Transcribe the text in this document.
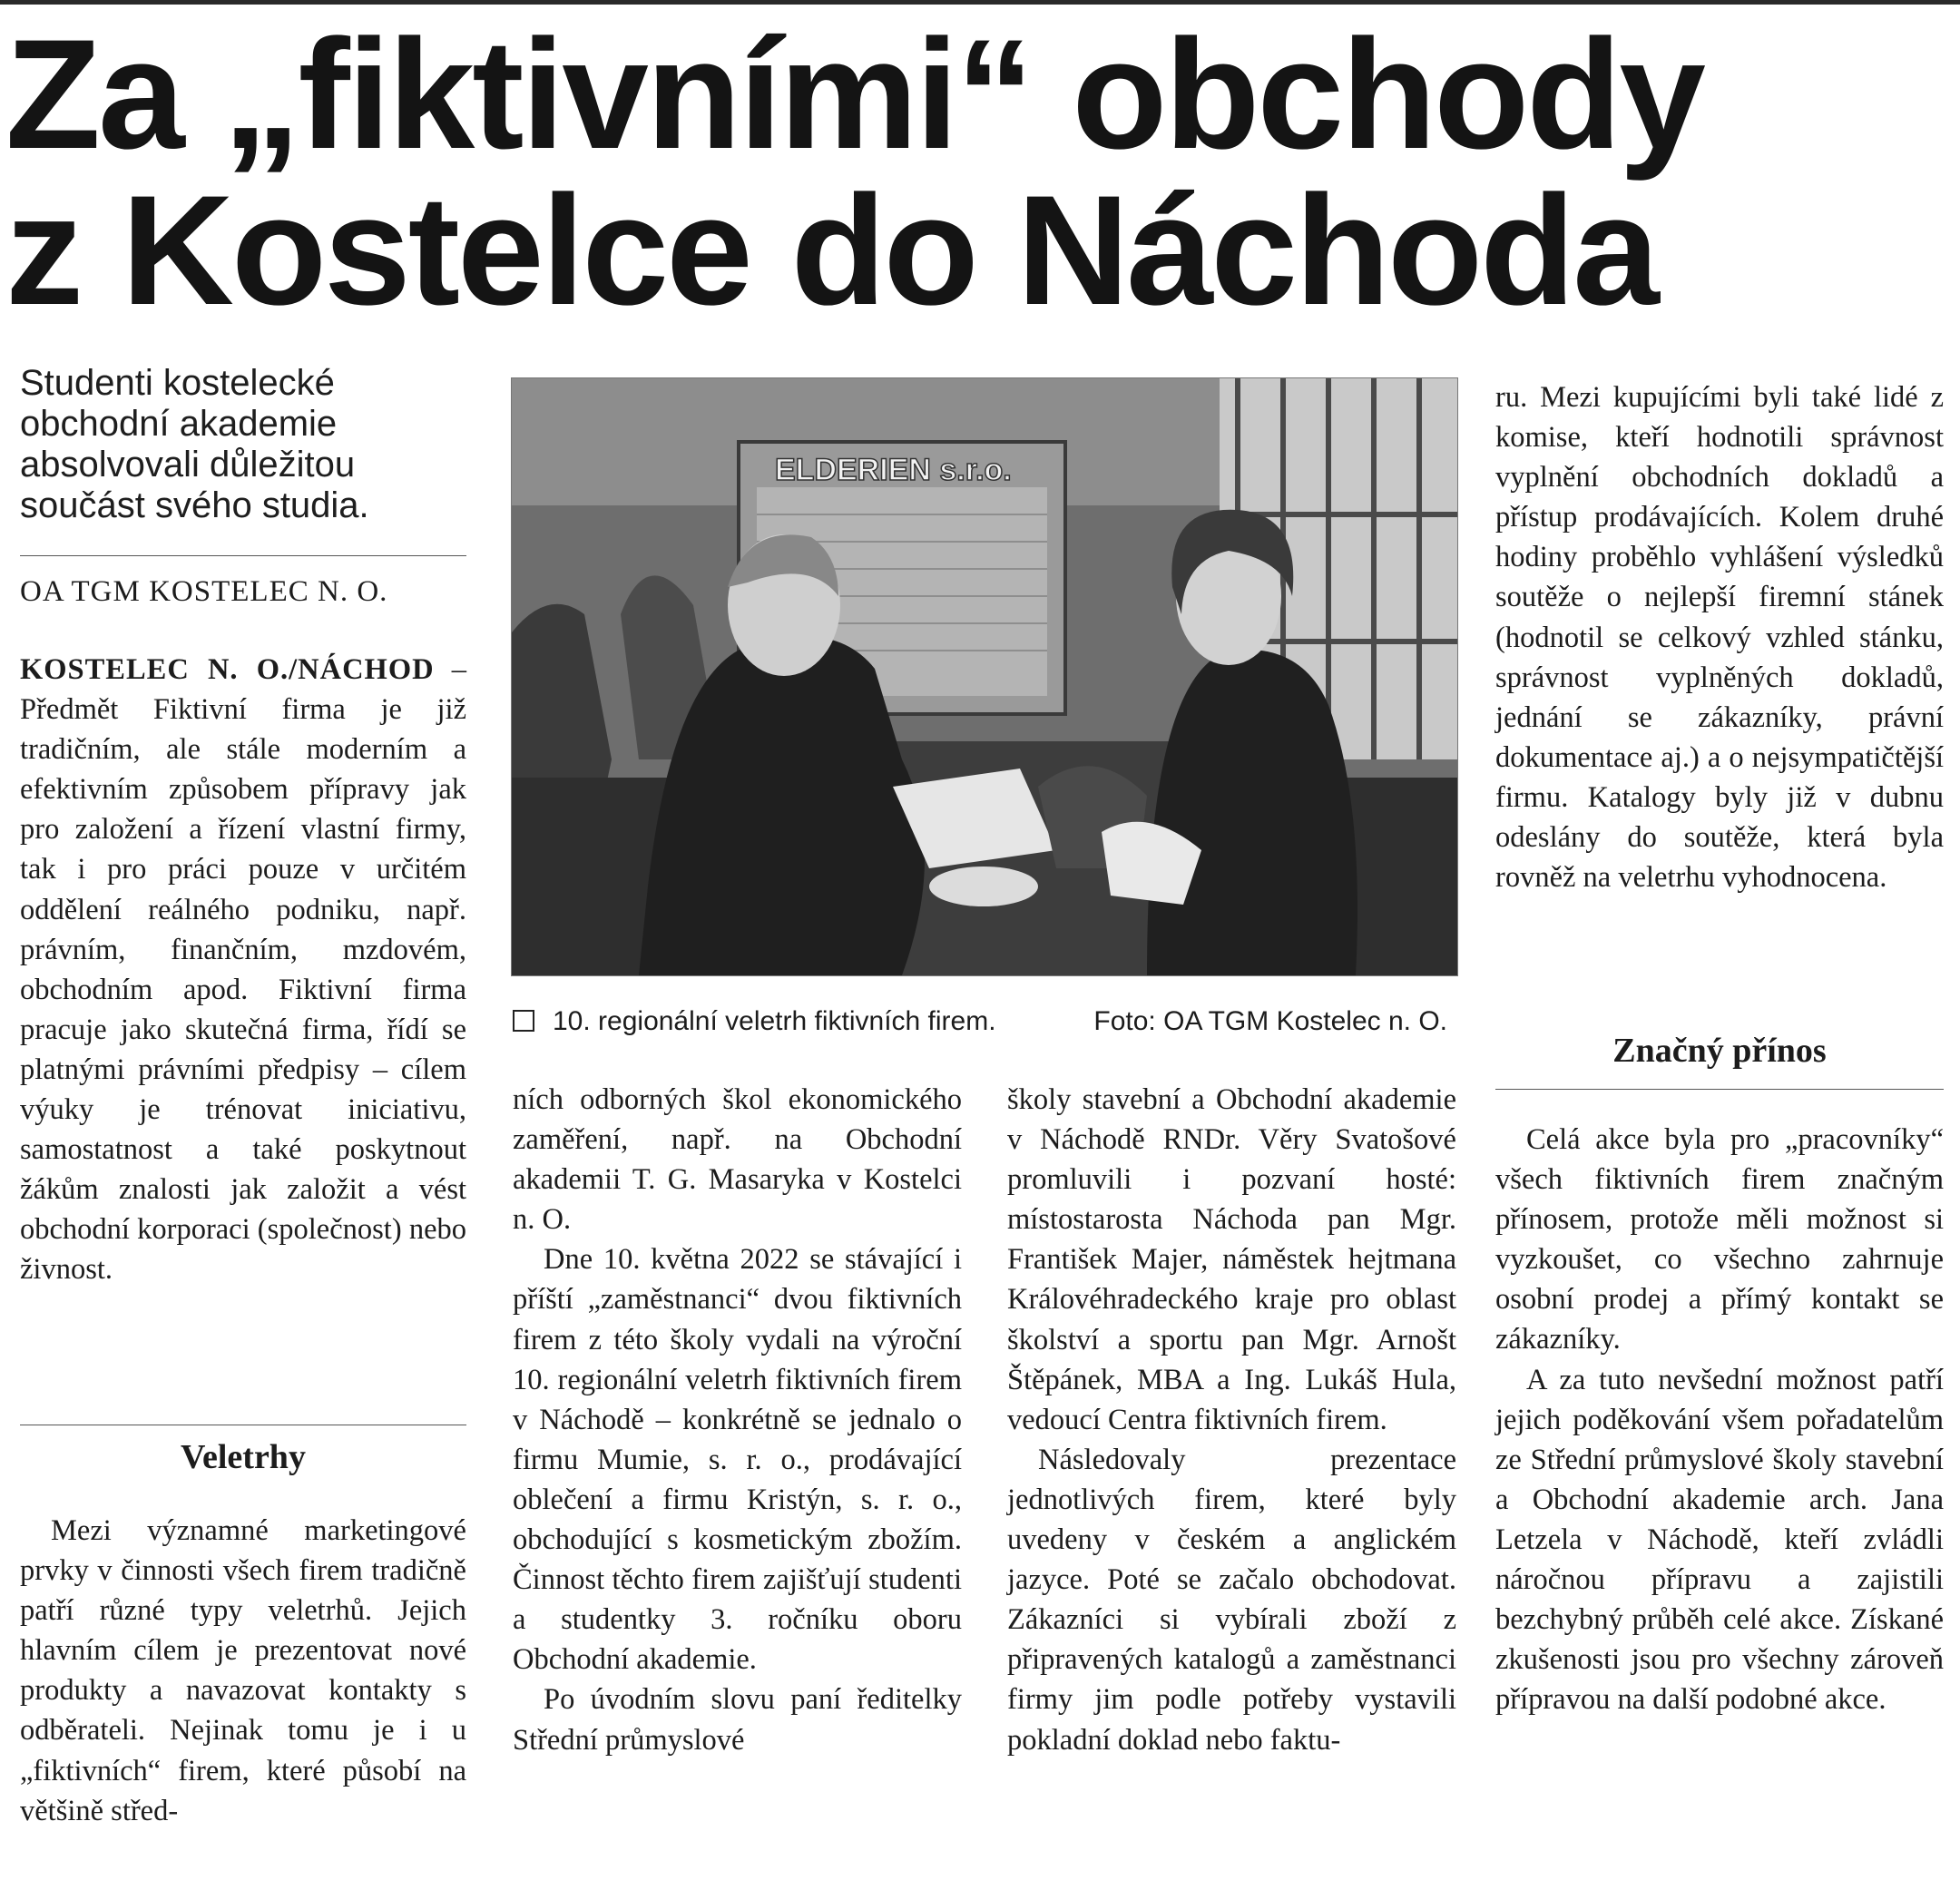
Za „fiktivními“ obchody
z Kostelce do Náchoda
Studenti kostelecké obchodní akademie absolvovali důležitou součást svého studia.
OA TGM KOSTELEC N. O.

KOSTELEC N. O./NÁCHOD – Předmět Fiktivní firma je již tradičním, ale stále moderním a efektivním způsobem přípravy jak pro založení a řízení vlastní firmy, tak i pro práci pouze v určitém oddělení reálného podniku, např. právním, finančním, mzdovém, obchodním apod. Fiktivní firma pracuje jako skutečná firma, řídí se platnými právními předpisy – cílem výuky je trénovat iniciativu, samostatnost a také poskytnout žákům znalosti jak založit a vést obchodní korporaci (společnost) nebo živnost.

Veletrhy

Mezi významné marketingové prvky v činnosti všech firem tradičně patří různé typy veletrhů. Jejich hlavním cílem je prezentovat nové produkty a navazovat kontakty s odběrateli. Nejinak tomu je i u „fiktivních“ firem, které působí na většině střed-

ELDERIEN s.r.o.
10. regionální veletrh fiktivních firem.	Foto: OA TGM Kostelec n. O.

ních odborných škol ekonomického zaměření, např. na Obchodní akademii T. G. Masaryka v Kostelci n. O.

Dne 10. května 2022 se stávající i příští „zaměstnanci“ dvou fiktivních firem z této školy vydali na výroční 10. regionální veletrh fiktivních firem v Náchodě – konkrétně se jednalo o firmu Mumie, s. r. o., prodávající oblečení a firmu Kristýn, s. r. o., obchodující s kosmetickým zbožím. Činnost těchto firem zajišťují studenti a studentky 3. ročníku oboru Obchodní akademie.

Po úvodním slovu paní ředitelky Střední průmyslové

školy stavební a Obchodní akademie v Náchodě RNDr. Věry Svatošové promluvili i pozvaní hosté: místostarosta Náchoda pan Mgr. František Majer, náměstek hejtmana Královéhradeckého kraje pro oblast školství a sportu pan Mgr. Arnošt Štěpánek, MBA a Ing. Lukáš Hula, vedoucí Centra fiktivních firem.

Následovaly prezentace jednotlivých firem, které byly uvedeny v českém a anglickém jazyce. Poté se začalo obchodovat. Zákazníci si vybírali zboží z připravených katalogů a zaměstnanci firmy jim podle potřeby vystavili pokladní doklad nebo faktu-

ru. Mezi kupujícími byli také lidé z komise, kteří hodnotili správnost vyplnění obchodních dokladů a přístup prodávajících. Kolem druhé hodiny proběhlo vyhlášení výsledků soutěže o nejlepší firemní stánek (hodnotil se celkový vzhled stánku, správnost vyplněných dokladů, jednání se zákazníky, právní dokumentace aj.) a o nejsympatičtější firmu. Katalogy byly již v dubnu odeslány do soutěže, která byla rovněž na veletrhu vyhodnocena.

Značný přínos

Celá akce byla pro „pracovníky“ všech fiktivních firem značným přínosem, protože měli možnost si vyzkoušet, co všechno zahrnuje osobní prodej a přímý kontakt se zákazníky.

A za tuto nevšední možnost patří jejich poděkování všem pořadatelům ze Střední průmyslové školy stavební a Obchodní akademie arch. Jana Letzela v Náchodě, kteří zvládli náročnou přípravu a zajistili bezchybný průběh celé akce. Získané zkušenosti jsou pro všechny zároveň přípravou na další podobné akce.
